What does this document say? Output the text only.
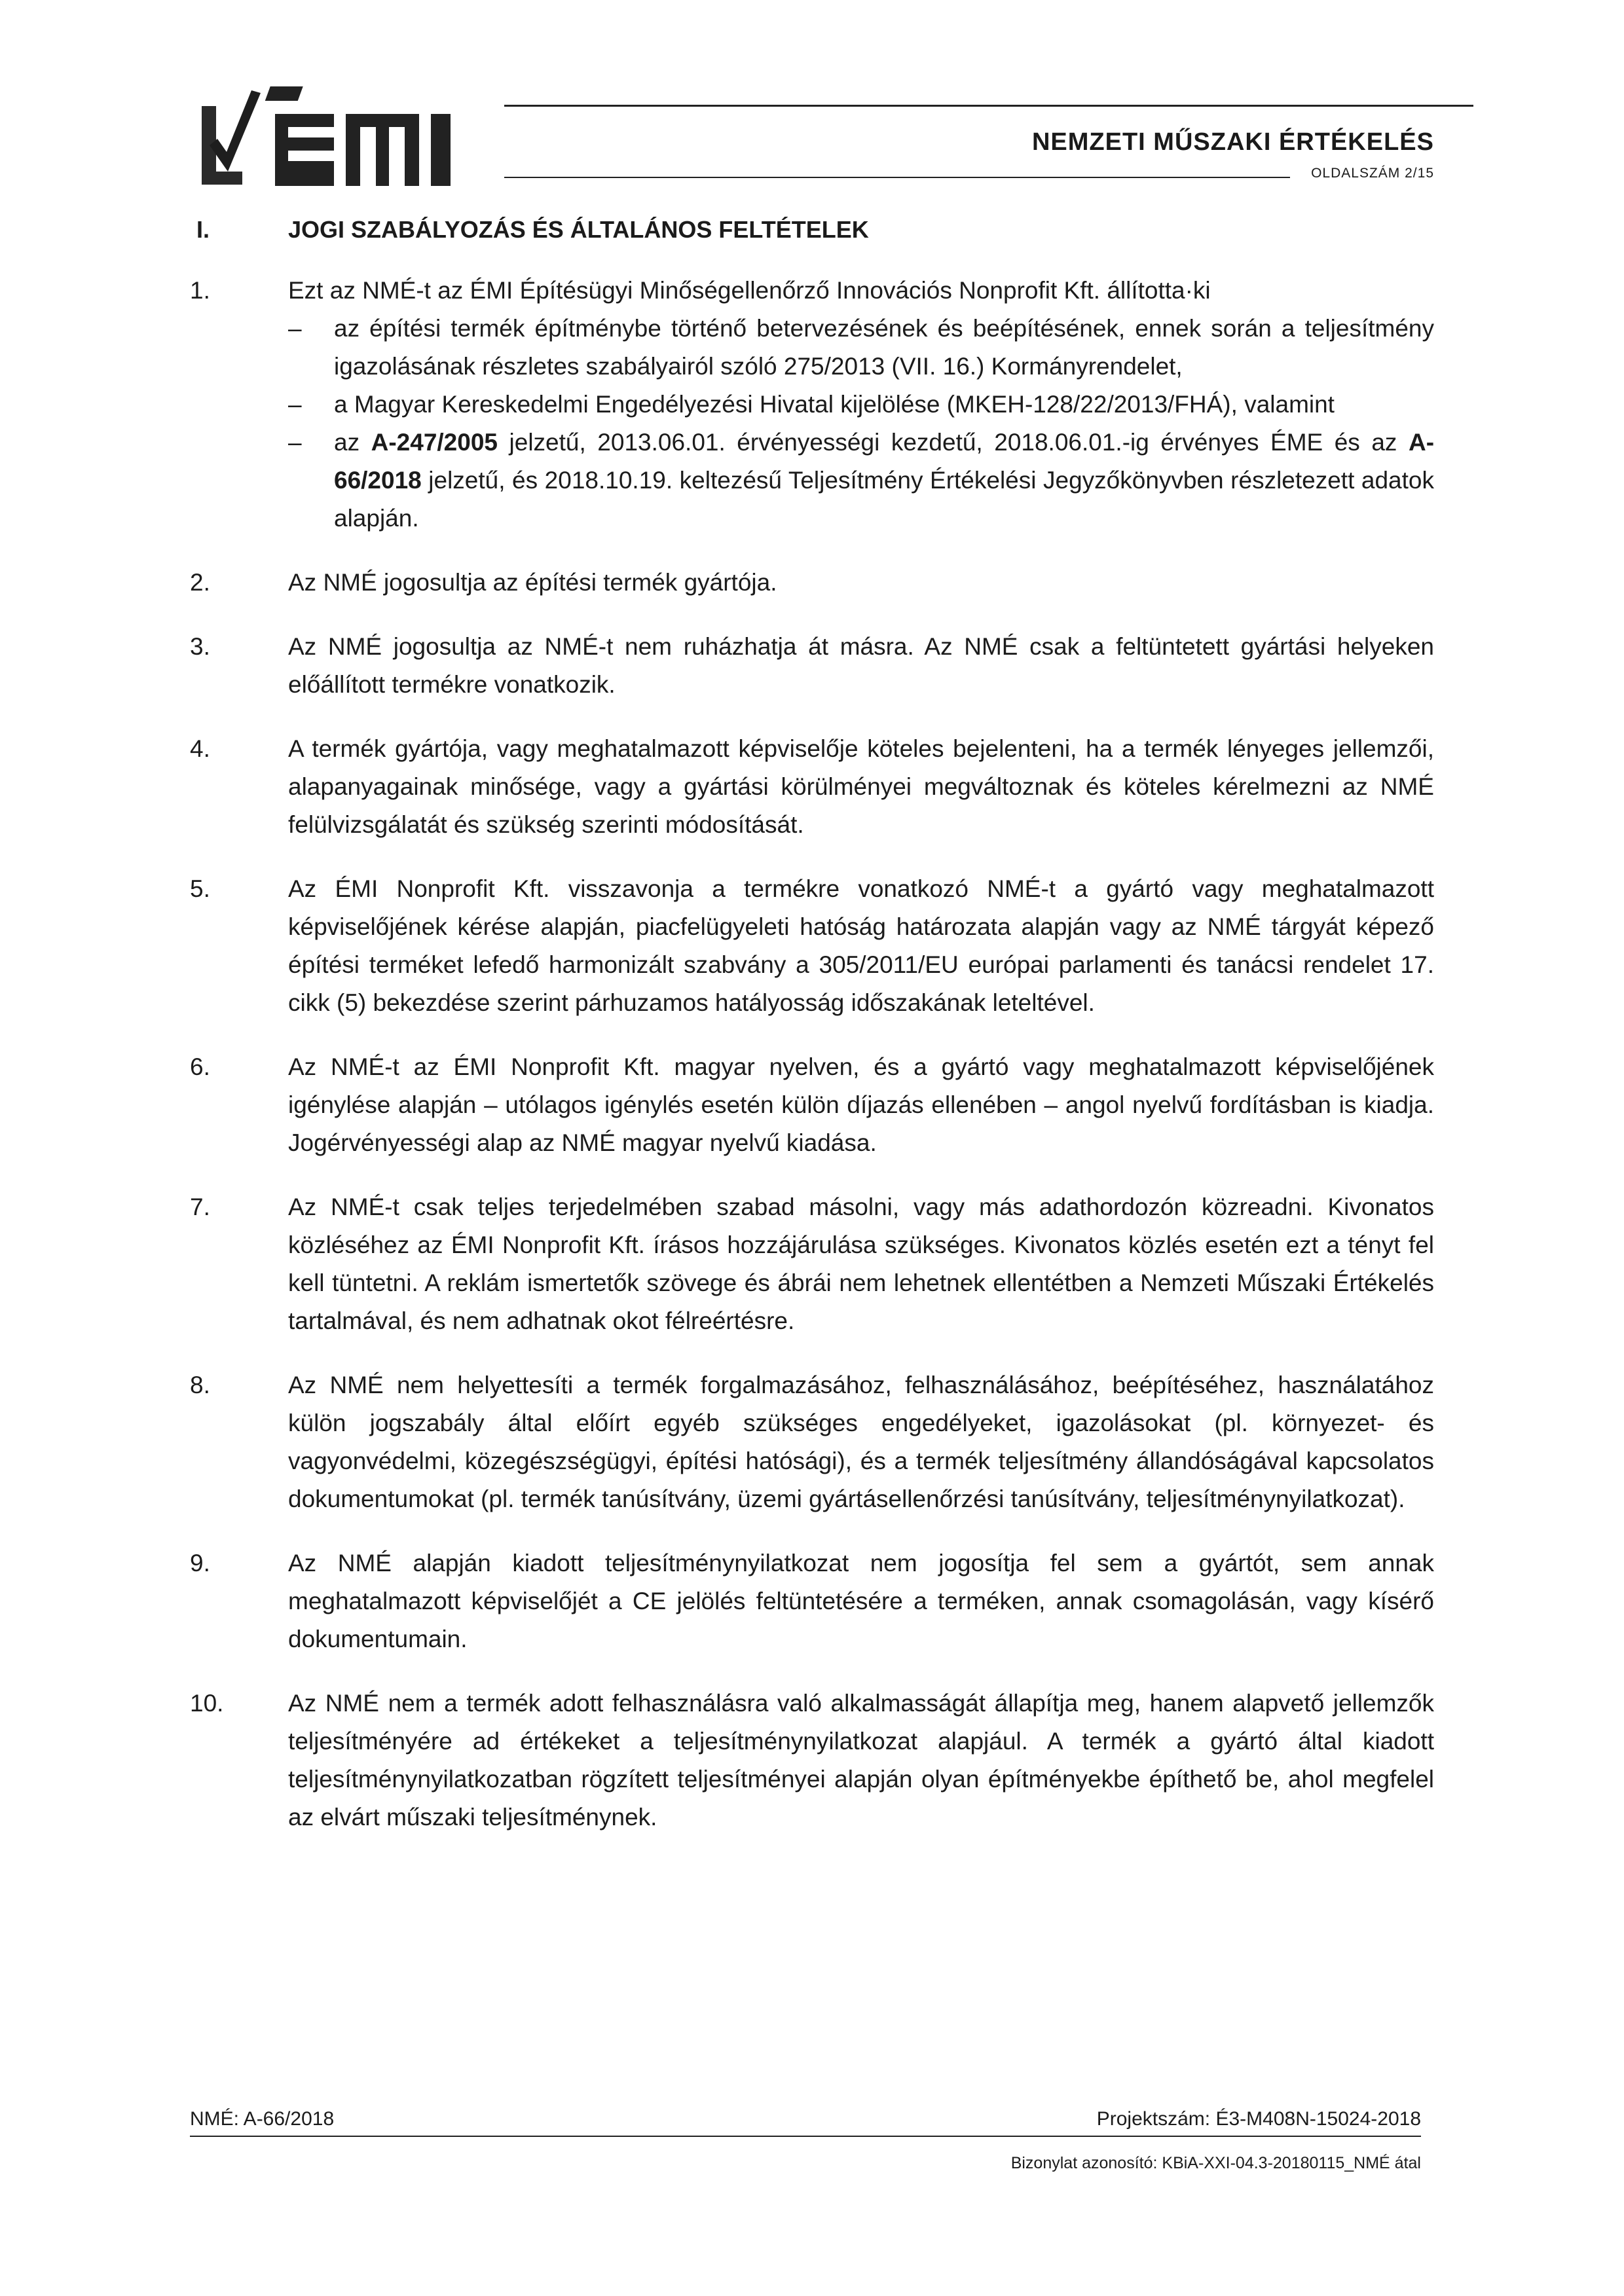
ÉMI
NEMZETI MŰSZAKI ÉRTÉKELÉS
OLDALSZÁM 2/15
I.	JOGI SZABÁLYOZÁS ÉS ÁLTALÁNOS FELTÉTELEK
1.	Ezt az NMÉ-t az ÉMI Építésügyi Minőségellenőrző Innovációs Nonprofit Kft. állította·ki
– az építési termék építménybe történő betervezésének és beépítésének, ennek során a teljesítmény igazolásának részletes szabályairól szóló 275/2013 (VII. 16.) Kormányrendelet,
– a Magyar Kereskedelmi Engedélyezési Hivatal kijelölése (MKEH-128/22/2013/FHÁ), valamint
– az A-247/2005 jelzetű, 2013.06.01. érvényességi kezdetű, 2018.06.01.-ig érvényes ÉME és az A-66/2018 jelzetű, és 2018.10.19. keltezésű Teljesítmény Értékelési Jegyzőkönyvben részletezett adatok alapján.
2.	Az NMÉ jogosultja az építési termék gyártója.
3.	Az NMÉ jogosultja az NMÉ-t nem ruházhatja át másra. Az NMÉ csak a feltüntetett gyártási helyeken előállított termékre vonatkozik.
4.	A termék gyártója, vagy meghatalmazott képviselője köteles bejelenteni, ha a termék lényeges jellemzői, alapanyagainak minősége, vagy a gyártási körülményei megváltoznak és köteles kérelmezni az NMÉ felülvizsgálatát és szükség szerinti módosítását.
5.	Az ÉMI Nonprofit Kft. visszavonja a termékre vonatkozó NMÉ-t a gyártó vagy meghatalmazott képviselőjének kérése alapján, piacfelügyeleti hatóság határozata alapján vagy az NMÉ tárgyát képező építési terméket lefedő harmonizált szabvány a 305/2011/EU európai parlamenti és tanácsi rendelet 17. cikk (5) bekezdése szerint párhuzamos hatályosság időszakának leteltével.
6.	Az NMÉ-t az ÉMI Nonprofit Kft. magyar nyelven, és a gyártó vagy meghatalmazott képviselőjének igénylése alapján – utólagos igénylés esetén külön díjazás ellenében – angol nyelvű fordításban is kiadja. Jogérvényességi alap az NMÉ magyar nyelvű kiadása.
7.	Az NMÉ-t csak teljes terjedelmében szabad másolni, vagy más adathordozón közreadni. Kivonatos közléséhez az ÉMI Nonprofit Kft. írásos hozzájárulása szükséges. Kivonatos közlés esetén ezt a tényt fel kell tüntetni. A reklám ismertetők szövege és ábrái nem lehetnek ellentétben a Nemzeti Műszaki Értékelés tartalmával, és nem adhatnak okot félreértésre.
8.	Az NMÉ nem helyettesíti a termék forgalmazásához, felhasználásához, beépítéséhez, használatához külön jogszabály által előírt egyéb szükséges engedélyeket, igazolásokat (pl. környezet- és vagyonvédelmi, közegészségügyi, építési hatósági), és a termék teljesítmény állandóságával kapcsolatos dokumentumokat (pl. termék tanúsítvány, üzemi gyártásellenőrzési tanúsítvány, teljesítménynyilatkozat).
9.	Az NMÉ alapján kiadott teljesítménynyilatkozat nem jogosítja fel sem a gyártót, sem annak meghatalmazott képviselőjét a CE jelölés feltüntetésére a terméken, annak csomagolásán, vagy kísérő dokumentumain.
10.	Az NMÉ nem a termék adott felhasználásra való alkalmasságát állapítja meg, hanem alapvető jellemzők teljesítményére ad értékeket a teljesítménynyilatkozat alapjául. A termék a gyártó által kiadott teljesítménynyilatkozatban rögzített teljesítményei alapján olyan építményekbe építhető be, ahol megfelel az elvárt műszaki teljesítménynek.
NMÉ: A-66/2018	Projektszám: É3-M408N-15024-2018
Bizonylat azonosító: KBiA-XXI-04.3-20180115_NMÉ átal
